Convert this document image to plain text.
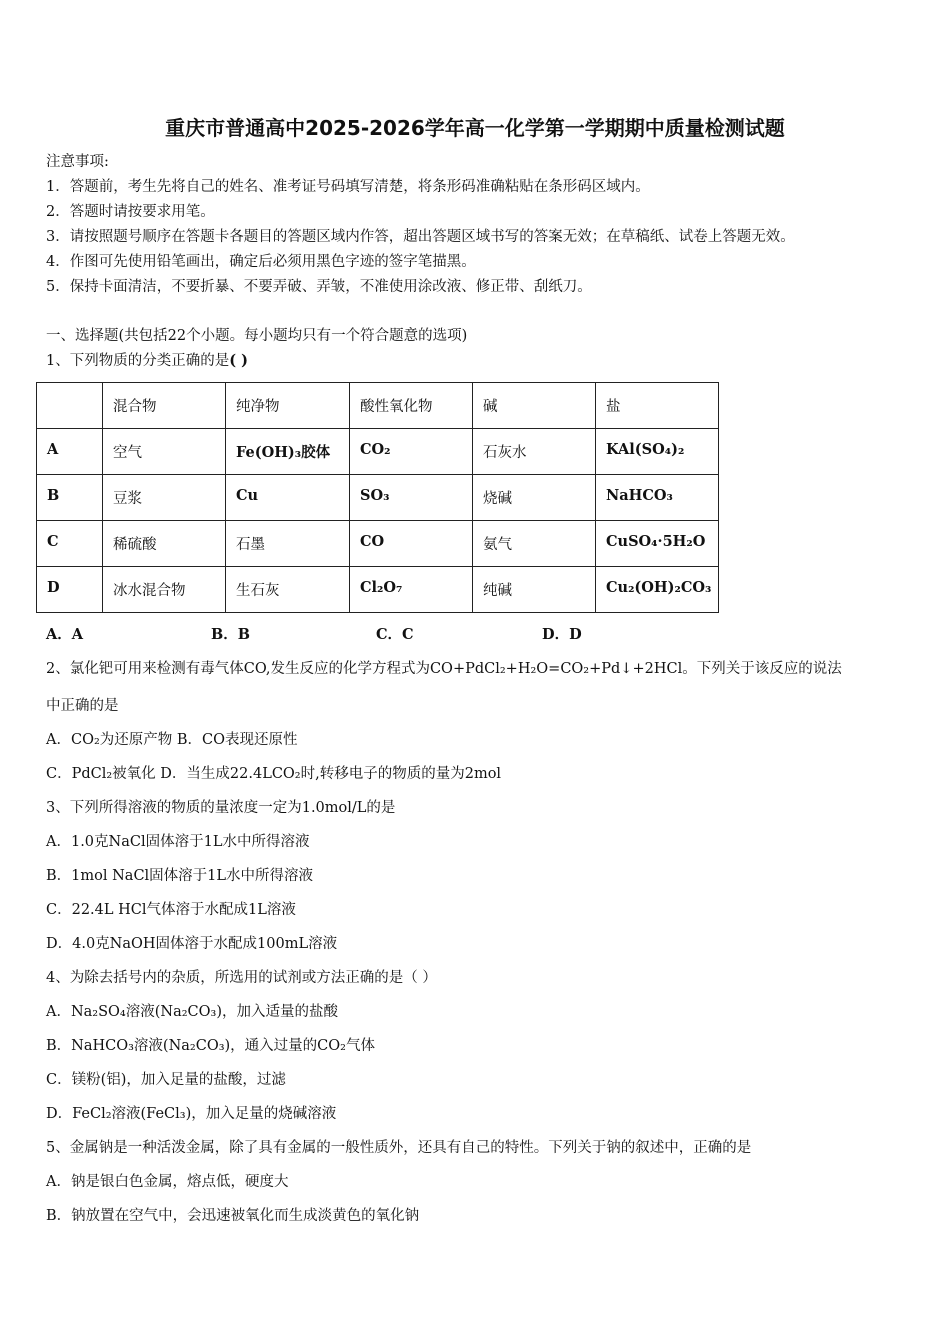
重庆市普通高中2025-2026学年高一化学第一学期期中质量检测试题
注意事项:
1．答题前，考生先将自己的姓名、准考证号码填写清楚，将条形码准确粘贴在条形码区域内。
2．答题时请按要求用笔。
3．请按照题号顺序在答题卡各题目的答题区域内作答，超出答题区域书写的答案无效；在草稿纸、试卷上答题无效。
4．作图可先使用铅笔画出，确定后必须用黑色字迹的签字笔描黑。
5．保持卡面清洁，不要折暴、不要弄破、弄皱，不准使用涂改液、修正带、刮纸刀。
一、选择题(共包括22个小题。每小题均只有一个符合题意的选项)
1、下列物质的分类正确的是( )
	混合物	纯净物	酸性氧化物	碱	盐
A	空气	Fe(OH)₃胶体	CO₂	石灰水	KAl(SO₄)₂
B	豆浆	Cu	SO₃	烧碱	NaHCO₃
C	稀硫酸	石墨	CO	氨气	CuSO₄·5H₂O
D	冰水混合物	生石灰	Cl₂O₇	纯碱	Cu₂(OH)₂CO₃
A．A	B．B	C．C	D．D
2、氯化钯可用来检测有毒气体CO,发生反应的化学方程式为CO+PdCl₂+H₂O=CO₂+Pd↓+2HCl。下列关于该反应的说法
中正确的是
A．CO₂为还原产物 B．CO表现还原性
C．PdCl₂被氧化 D．当生成22.4LCO₂时,转移电子的物质的量为2mol
3、下列所得溶液的物质的量浓度一定为1.0mol/L的是
A．1.0克NaCl固体溶于1L水中所得溶液
B．1mol NaCl固体溶于1L水中所得溶液
C．22.4L HCl气体溶于水配成1L溶液
D．4.0克NaOH固体溶于水配成100mL溶液
4、为除去括号内的杂质，所选用的试剂或方法正确的是（ ）
A．Na₂SO₄溶液(Na₂CO₃)，加入适量的盐酸
B．NaHCO₃溶液(Na₂CO₃)，通入过量的CO₂气体
C．镁粉(铝)，加入足量的盐酸，过滤
D．FeCl₂溶液(FeCl₃)，加入足量的烧碱溶液
5、金属钠是一种活泼金属，除了具有金属的一般性质外，还具有自己的特性。下列关于钠的叙述中，正确的是
A．钠是银白色金属，熔点低，硬度大
B．钠放置在空气中，会迅速被氧化而生成淡黄色的氧化钠
